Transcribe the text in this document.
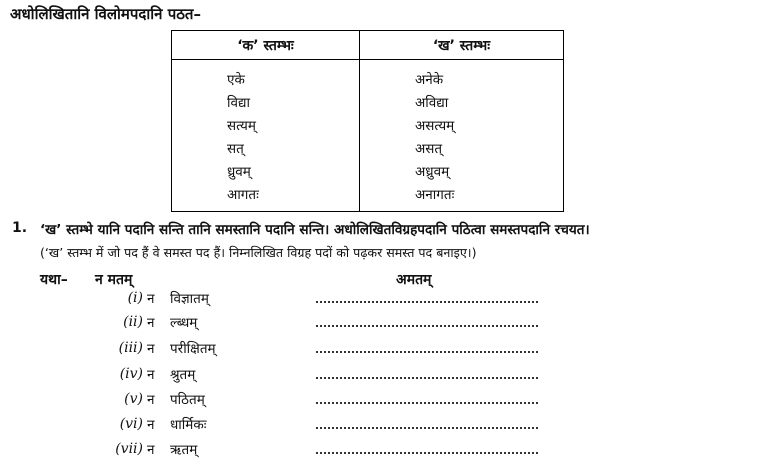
अधोलिखितानि विलोमपदानि पठत–
‘क’ स्तम्भः	‘ख’ स्तम्भः
एके	अनेके
विद्या	अविद्या
सत्यम्	असत्यम्
सत्	असत्
ध्रुवम्	अध्रुवम्
आगतः	अनागतः
1. ‘ख’ स्तम्भे यानि पदानि सन्ति तानि समस्तानि पदानि सन्ति। अधोलिखितविग्रहपदानि पठित्वा समस्तपदानि रचयत।
(‘ख’ स्तम्भ में जो पद हैं वे समस्त पद हैं। निम्नलिखित विग्रह पदों को पढ़कर समस्त पद बनाइए।)
यथा– न मतम्	अमतम्
(i) न विज्ञातम्
(ii) न ल्ब्धम्
(iii) न परीक्षितम्
(iv) न श्रुतम्
(v) न पठितम्
(vi) न धार्मिकः
(vii) न ऋतम्
